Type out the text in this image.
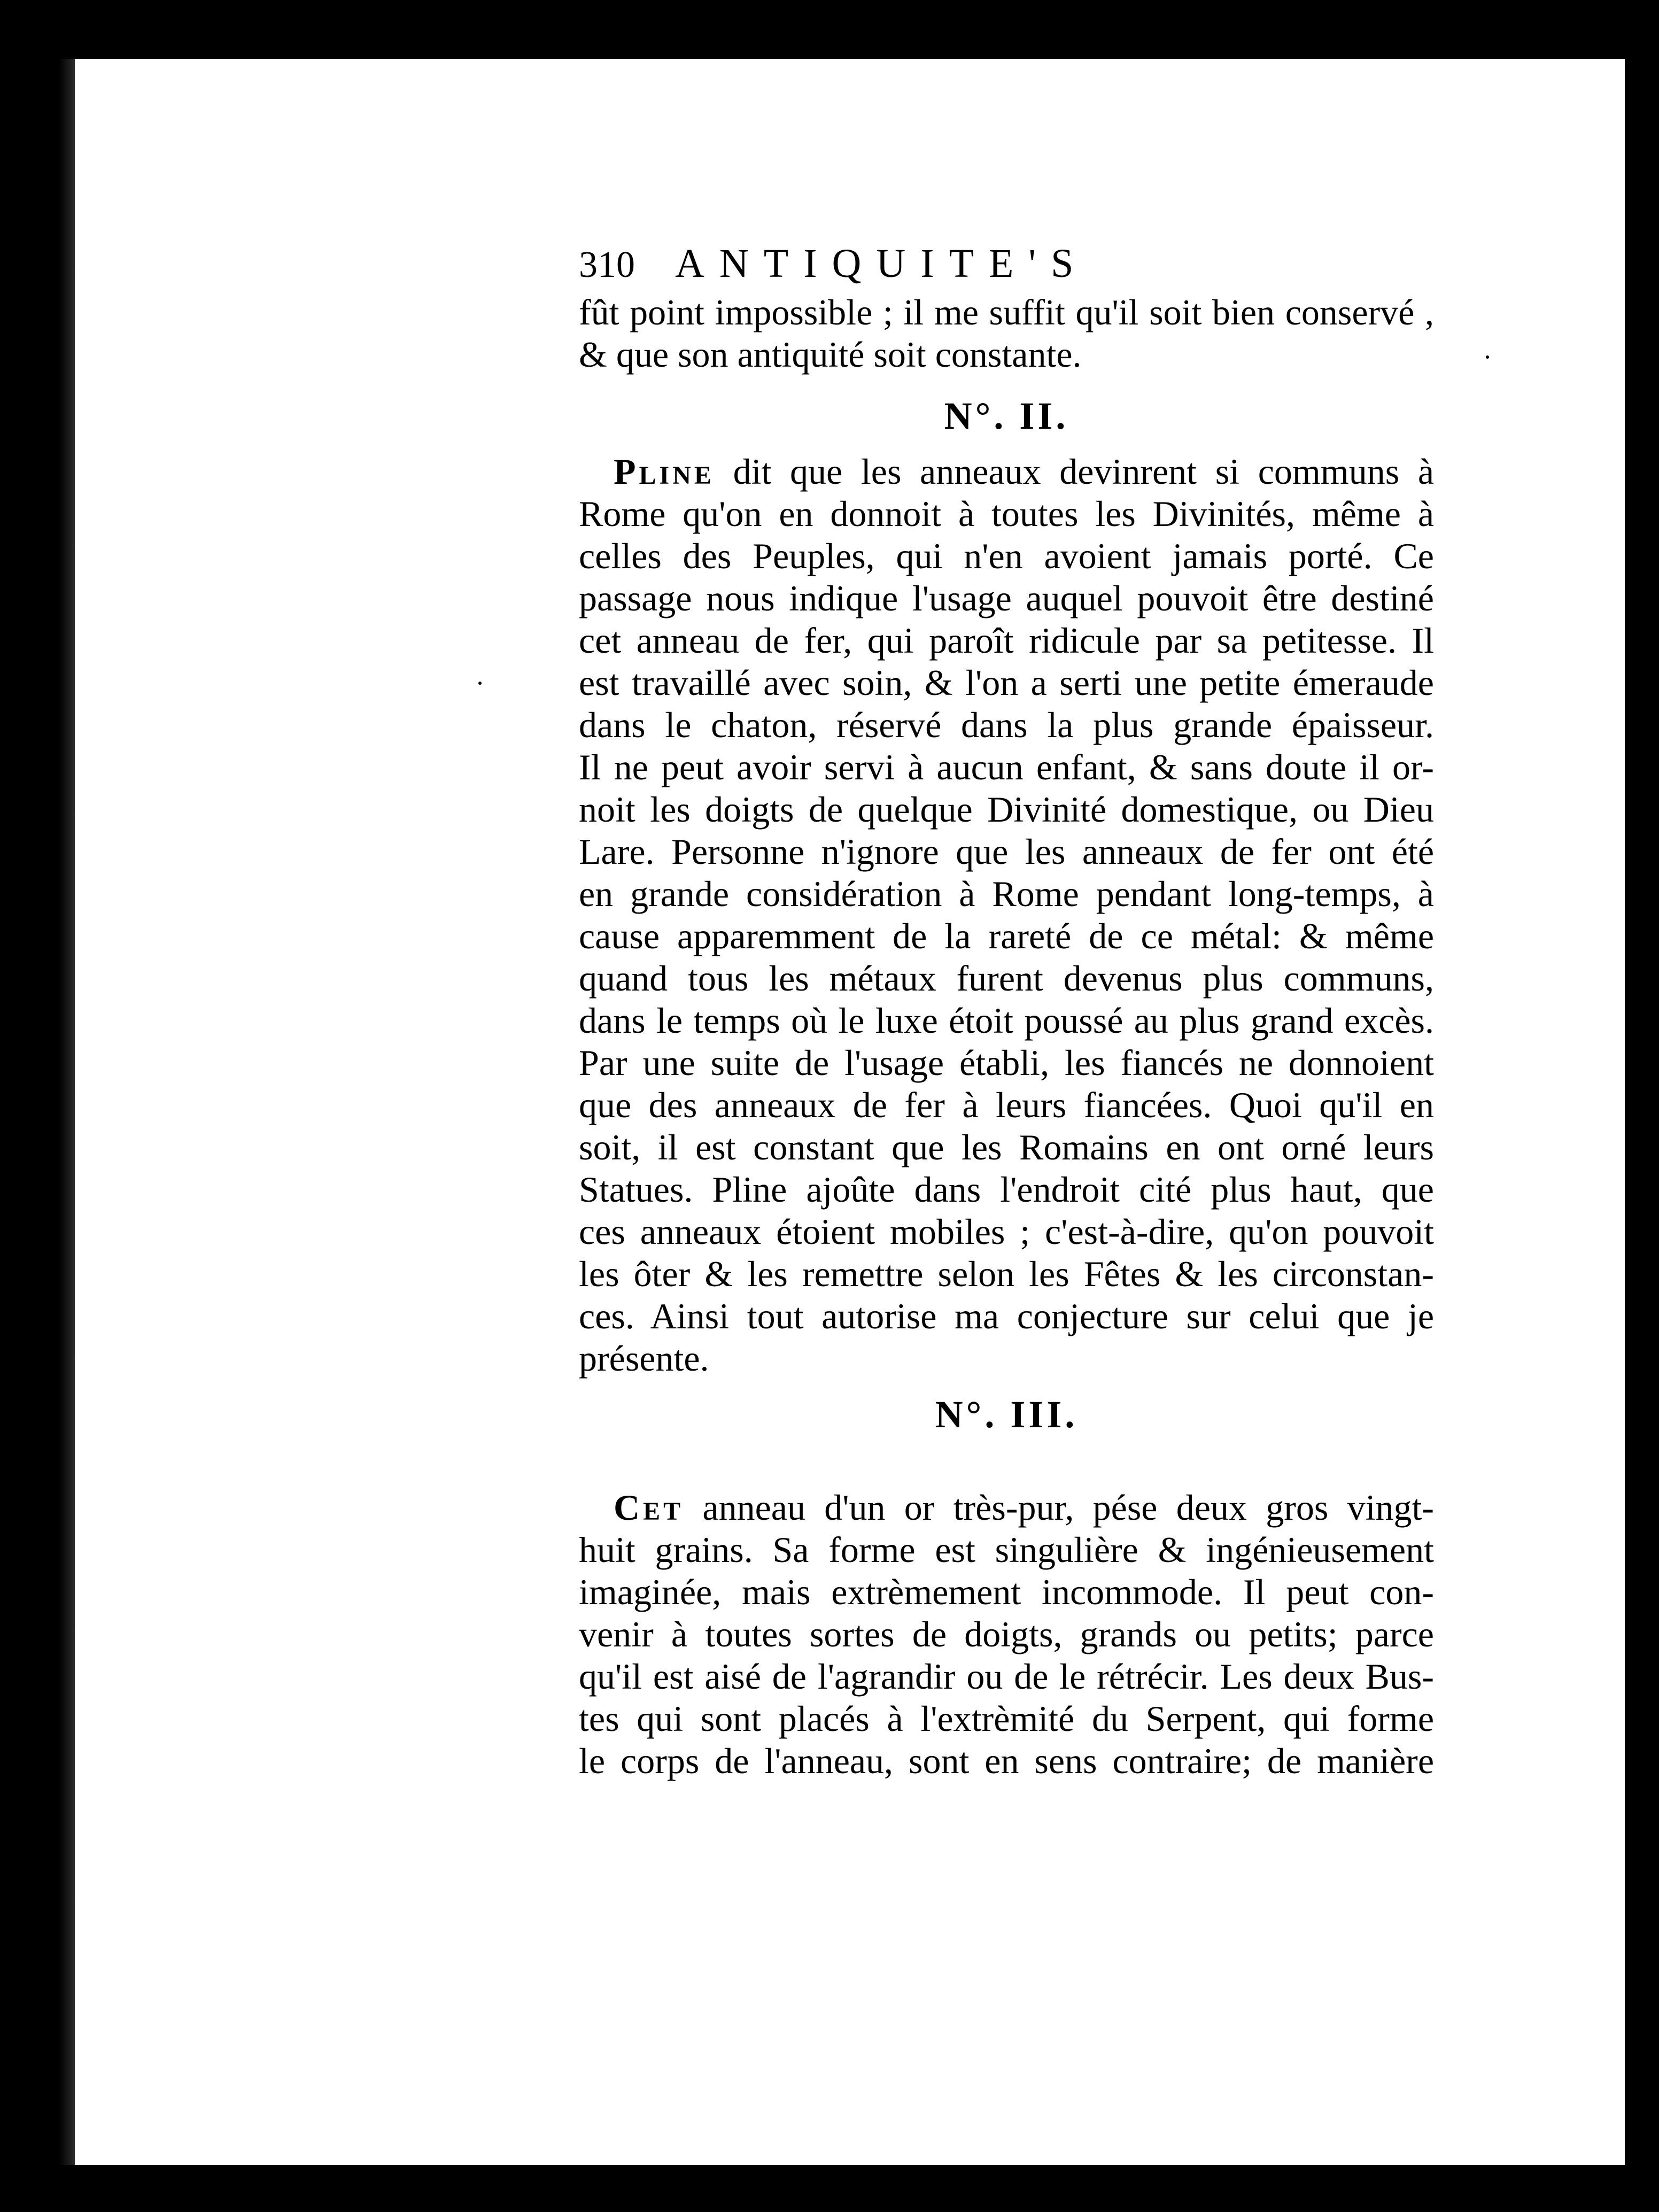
310 ANTIQUITE'S
fût point impossible ; il me suffit qu'il soit bien conservé ,
& que son antiquité soit constante.
N°. II.
Pline dit que les anneaux devinrent si communs à
Rome qu'on en donnoit à toutes les Divinités, même à
celles des Peuples, qui n'en avoient jamais porté. Ce
passage nous indique l'usage auquel pouvoit être destiné
cet anneau de fer, qui paroît ridicule par sa petitesse. Il
est travaillé avec soin, & l'on a serti une petite émeraude
dans le chaton, réservé dans la plus grande épaisseur.
Il ne peut avoir servi à aucun enfant, & sans doute il or-
noit les doigts de quelque Divinité domestique, ou Dieu
Lare. Personne n'ignore que les anneaux de fer ont été
en grande considération à Rome pendant long-temps, à
cause apparemment de la rareté de ce métal: & même
quand tous les métaux furent devenus plus communs,
dans le temps où le luxe étoit poussé au plus grand excès.
Par une suite de l'usage établi, les fiancés ne donnoient
que des anneaux de fer à leurs fiancées. Quoi qu'il en
soit, il est constant que les Romains en ont orné leurs
Statues. Pline ajoûte dans l'endroit cité plus haut, que
ces anneaux étoient mobiles ; c'est-à-dire, qu'on pouvoit
les ôter & les remettre selon les Fêtes & les circonstan-
ces. Ainsi tout autorise ma conjecture sur celui que je
présente.
N°. III.
Cet anneau d'un or très-pur, pése deux gros vingt-
huit grains. Sa forme est singulière & ingénieusement
imaginée, mais extrèmement incommode. Il peut con-
venir à toutes sortes de doigts, grands ou petits; parce
qu'il est aisé de l'agrandir ou de le rétrécir. Les deux Bus-
tes qui sont placés à l'extrèmité du Serpent, qui forme
le corps de l'anneau, sont en sens contraire; de manière
